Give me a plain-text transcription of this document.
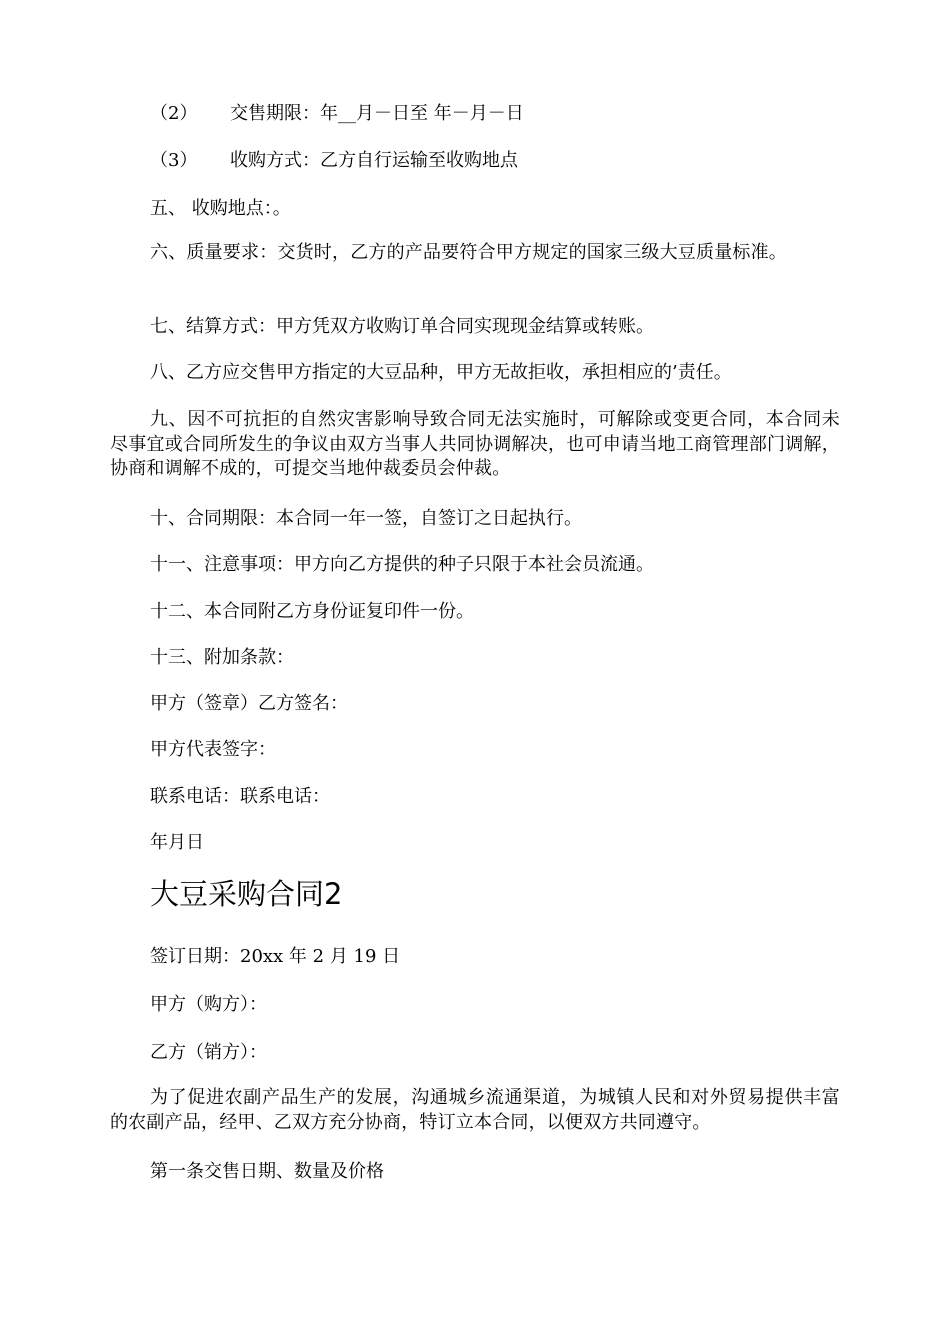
（2） 交售期限：年__月－日至 年－月－日

（3） 收购方式：乙方自行运输至收购地点

五、 收购地点：。

六、质量要求：交货时，乙方的产品要符合甲方规定的国家三级大豆质量标准。

七、结算方式：甲方凭双方收购订单合同实现现金结算或转账。

八、乙方应交售甲方指定的大豆品种，甲方无故拒收，承担相应的’责任。

九、因不可抗拒的自然灾害影响导致合同无法实施时，可解除或变更合同，本合同未尽事宜或合同所发生的争议由双方当事人共同协调解决，也可申请当地工商管理部门调解，协商和调解不成的，可提交当地仲裁委员会仲裁。

十、合同期限：本合同一年一签，自签订之日起执行。

十一、注意事项：甲方向乙方提供的种子只限于本社会员流通。

十二、本合同附乙方身份证复印件一份。

十三、附加条款：

甲方（签章）乙方签名：

甲方代表签字：

联系电话：联系电话：

年月日

大豆采购合同2

签订日期：20xx 年 2 月 19 日

甲方（购方）：

乙方（销方）：

为了促进农副产品生产的发展，沟通城乡流通渠道，为城镇人民和对外贸易提供丰富的农副产品，经甲、乙双方充分协商，特订立本合同，以便双方共同遵守。

第一条交售日期、数量及价格
